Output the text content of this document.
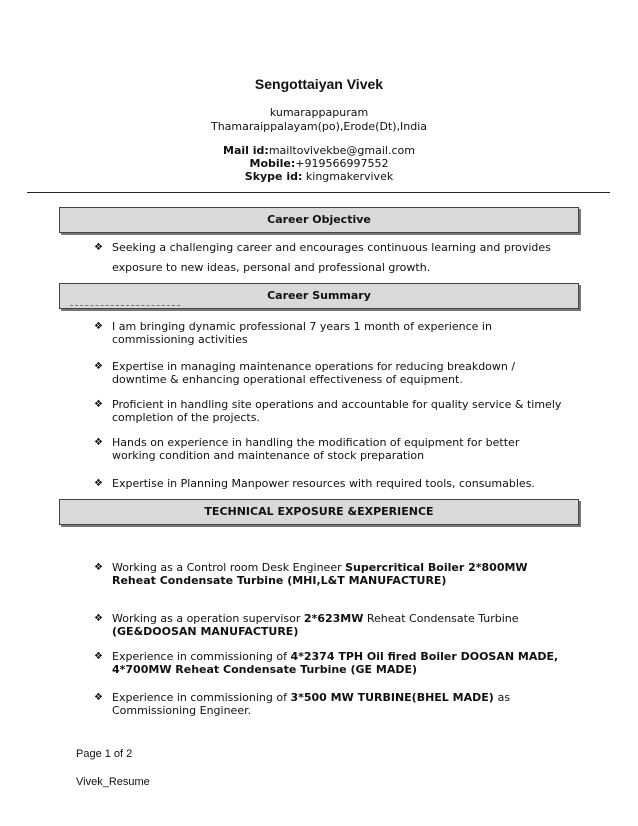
Sengottaiyan Vivek
kumarappapuram
Thamaraippalayam(po),Erode(Dt),India
Mail id:mailtovivekbe@gmail.com
Mobile:+919566997552
Skype id: kingmakervivek
Career Objective
❖ Seeking a challenging career and encourages continuous learning and provides
exposure to new ideas, personal and professional growth.
Career Summary
❖ I am bringing dynamic professional 7 years 1 month of experience in commissioning activities
❖ Expertise in managing maintenance operations for reducing breakdown / downtime & enhancing operational effectiveness of equipment.
❖ Proficient in handling site operations and accountable for quality service & timely completion of the projects.
❖ Hands on experience in handling the modification of equipment for better working condition and maintenance of stock preparation
❖ Expertise in Planning Manpower resources with required tools, consumables.
TECHNICAL EXPOSURE &EXPERIENCE
❖ Working as a Control room Desk Engineer Supercritical Boiler 2*800MW Reheat Condensate Turbine (MHI,L&T MANUFACTURE)
❖ Working as a operation supervisor 2*623MW Reheat Condensate Turbine (GE&DOOSAN MANUFACTURE)
❖ Experience in commissioning of 4*2374 TPH Oil fired Boiler DOOSAN MADE, 4*700MW Reheat Condensate Turbine (GE MADE)
❖ Experience in commissioning of 3*500 MW TURBINE(BHEL MADE) as Commissioning Engineer.
Page 1 of 2
Vivek_Resume
